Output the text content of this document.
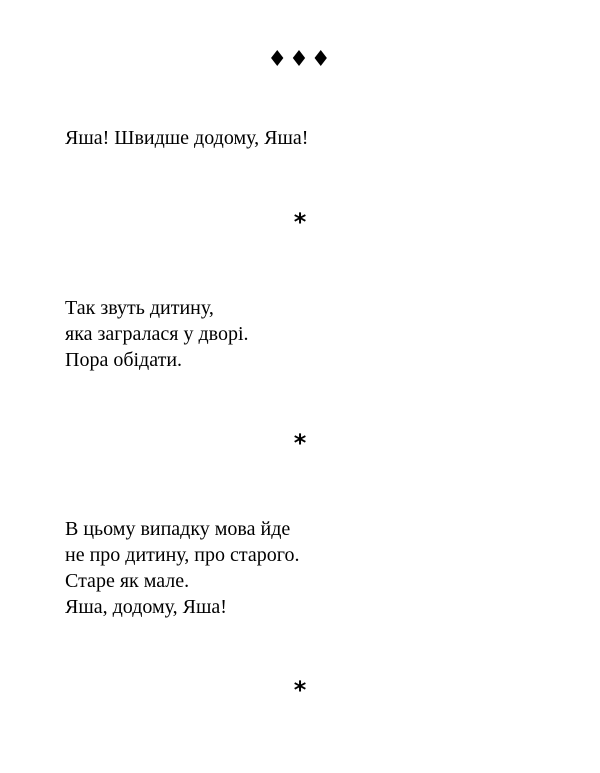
♦♦♦
Яша! Швидше додому, Яша!
*
Так звуть дитину,
яка загралася у дворі.
Пора обідати.
*
В цьому випадку мова йде
не про дитину, про старого.
Старе як мале.
Яша, додому, Яша!
*
